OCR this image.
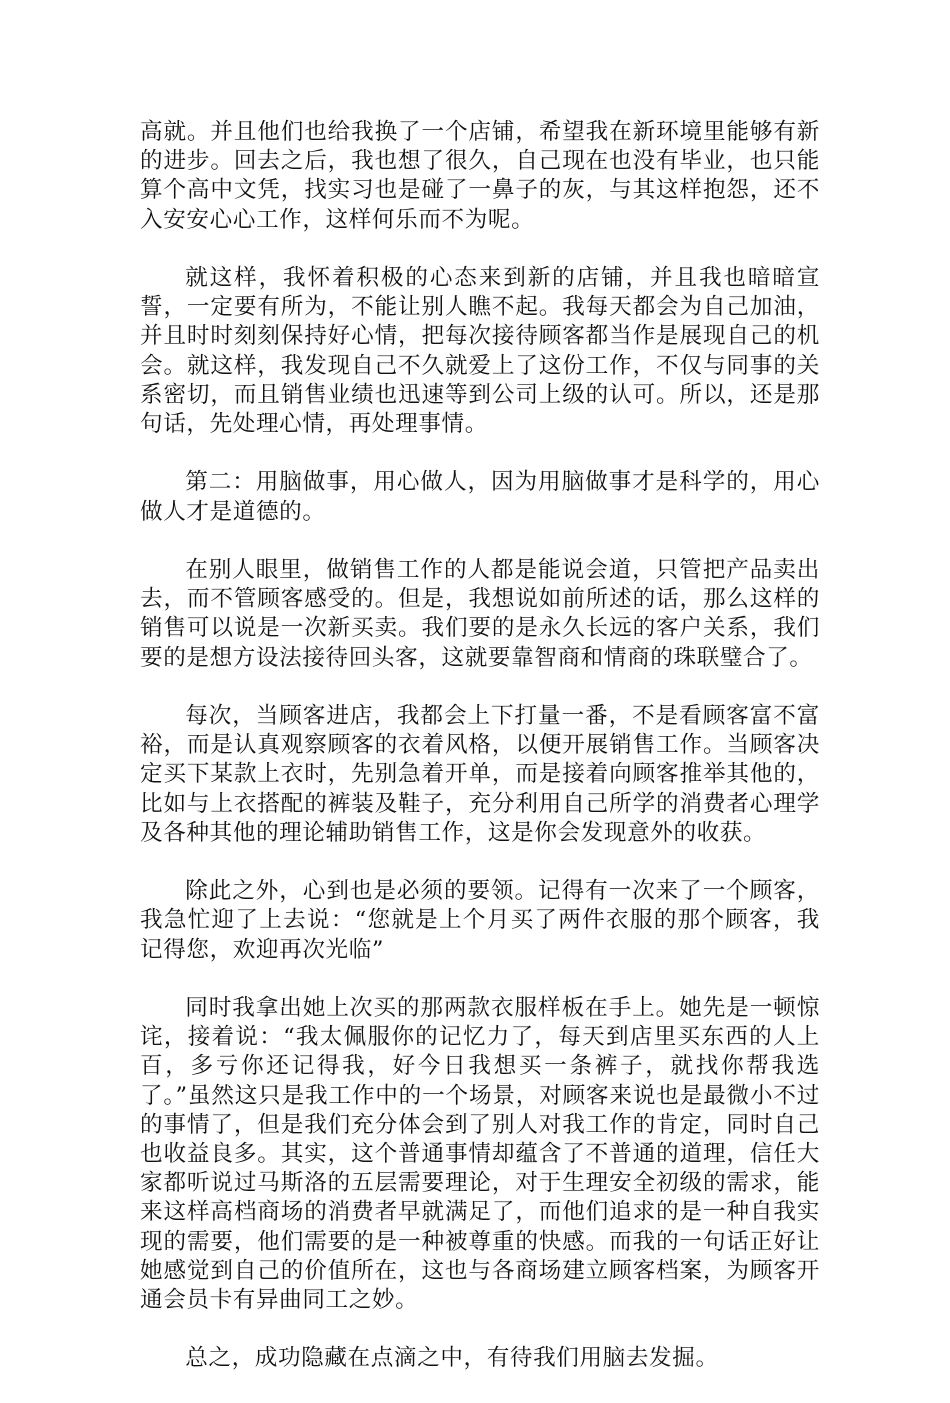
高就。并且他们也给我换了一个店铺，希望我在新环境里能够有新的进步。回去之后，我也想了很久，自己现在也没有毕业，也只能算个高中文凭，找实习也是碰了一鼻子的灰，与其这样抱怨，还不入安安心心工作，这样何乐而不为呢。

就这样，我怀着积极的心态来到新的店铺，并且我也暗暗宣誓，一定要有所为，不能让别人瞧不起。我每天都会为自己加油，并且时时刻刻保持好心情，把每次接待顾客都当作是展现自己的机会。就这样，我发现自己不久就爱上了这份工作，不仅与同事的关系密切，而且销售业绩也迅速等到公司上级的认可。所以，还是那句话，先处理心情，再处理事情。

第二：用脑做事，用心做人，因为用脑做事才是科学的，用心做人才是道德的。

在别人眼里，做销售工作的人都是能说会道，只管把产品卖出去，而不管顾客感受的。但是，我想说如前所述的话，那么这样的销售可以说是一次新买卖。我们要的是永久长远的客户关系，我们要的是想方设法接待回头客，这就要靠智商和情商的珠联璧合了。

每次，当顾客进店，我都会上下打量一番，不是看顾客富不富裕，而是认真观察顾客的衣着风格，以便开展销售工作。当顾客决定买下某款上衣时，先别急着开单，而是接着向顾客推举其他的，比如与上衣搭配的裤装及鞋子，充分利用自己所学的消费者心理学及各种其他的理论辅助销售工作，这是你会发现意外的收获。

除此之外，心到也是必须的要领。记得有一次来了一个顾客，我急忙迎了上去说：“您就是上个月买了两件衣服的那个顾客，我记得您，欢迎再次光临”

同时我拿出她上次买的那两款衣服样板在手上。她先是一顿惊诧，接着说：“我太佩服你的记忆力了，每天到店里买东西的人上百，多亏你还记得我，好今日我想买一条裤子，就找你帮我选了。”虽然这只是我工作中的一个场景，对顾客来说也是最微小不过的事情了，但是我们充分体会到了别人对我工作的肯定，同时自己也收益良多。其实，这个普通事情却蕴含了不普通的道理，信任大家都听说过马斯洛的五层需要理论，对于生理安全初级的需求，能来这样高档商场的消费者早就满足了，而他们追求的是一种自我实现的需要，他们需要的是一种被尊重的快感。而我的一句话正好让她感觉到自己的价值所在，这也与各商场建立顾客档案，为顾客开通会员卡有异曲同工之妙。

总之，成功隐藏在点滴之中，有待我们用脑去发掘。
